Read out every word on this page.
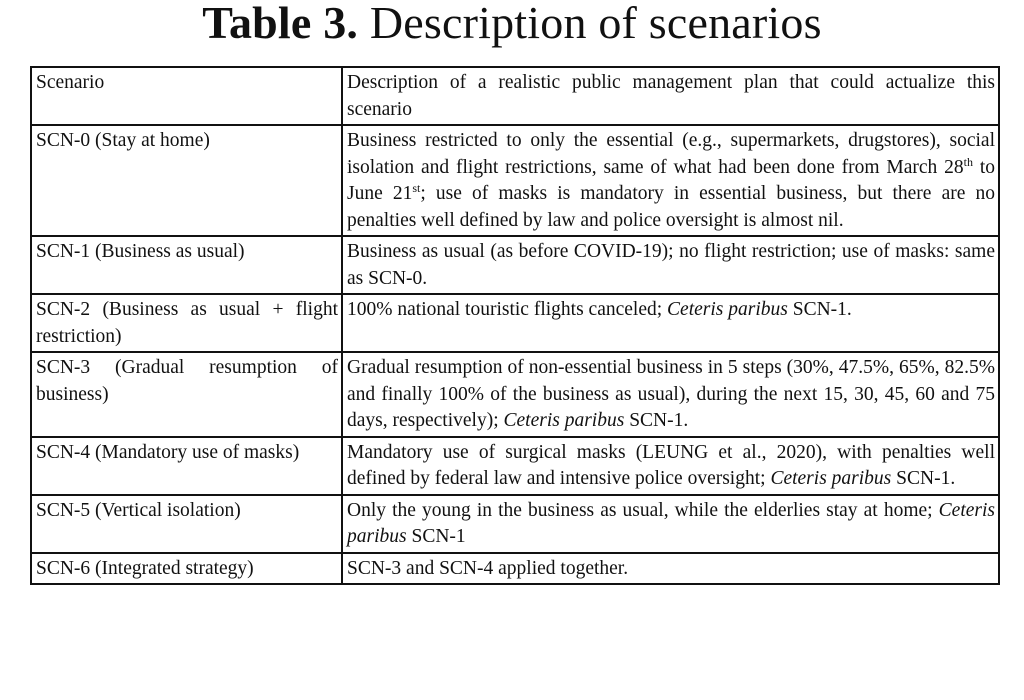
Table 3. Description of scenarios
Scenario	Description of a realistic public management plan that could actualize this scenario
SCN-0 (Stay at home)	Business restricted to only the essential (e.g., supermarkets, drugstores), social isolation and flight restrictions, same of what had been done from March 28th to June 21st; use of masks is mandatory in essential business, but there are no penalties well defined by law and police oversight is almost nil.
SCN-1 (Business as usual)	Business as usual (as before COVID-19); no flight restriction; use of masks: same as SCN-0.
SCN-2 (Business as usual + flight restriction)	100% national touristic flights canceled; Ceteris paribus SCN-1.
SCN-3 (Gradual resumption of business)	Gradual resumption of non-essential business in 5 steps (30%, 47.5%, 65%, 82.5% and finally 100% of the business as usual), during the next 15, 30, 45, 60 and 75 days, respectively); Ceteris paribus SCN-1.
SCN-4 (Mandatory use of masks)	Mandatory use of surgical masks (LEUNG et al., 2020), with penalties well defined by federal law and intensive police oversight; Ceteris paribus SCN-1.
SCN-5 (Vertical isolation)	Only the young in the business as usual, while the elderlies stay at home; Ceteris paribus SCN-1
SCN-6 (Integrated strategy)	SCN-3 and SCN-4 applied together.
